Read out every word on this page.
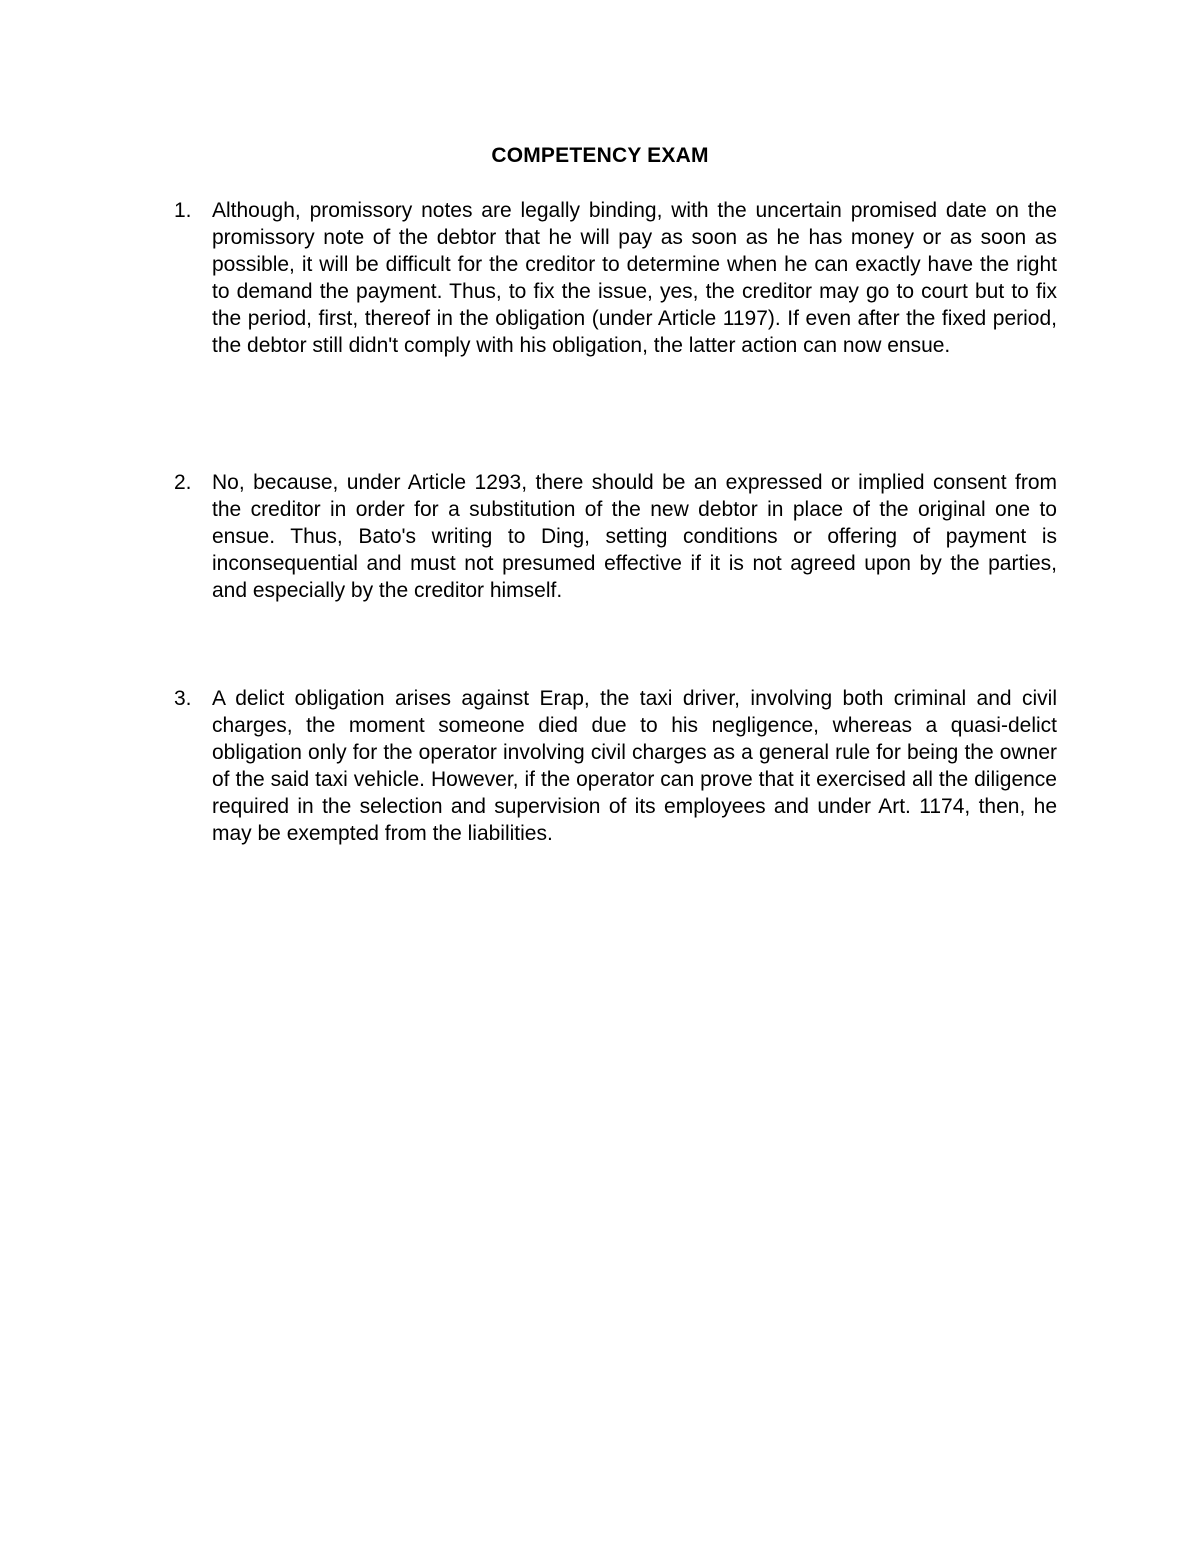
COMPETENCY EXAM
1. Although, promissory notes are legally binding, with the uncertain promised date on the promissory note of the debtor that he will pay as soon as he has money or as soon as possible, it will be difficult for the creditor to determine when he can exactly have the right to demand the payment. Thus, to fix the issue, yes, the creditor may go to court but to fix the period, first, thereof in the obligation (under Article 1197). If even after the fixed period, the debtor still didn't comply with his obligation, the latter action can now ensue.

2. No, because, under Article 1293, there should be an expressed or implied consent from the creditor in order for a substitution of the new debtor in place of the original one to ensue. Thus, Bato's writing to Ding, setting conditions or offering of payment is inconsequential and must not presumed effective if it is not agreed upon by the parties, and especially by the creditor himself.

3. A delict obligation arises against Erap, the taxi driver, involving both criminal and civil charges, the moment someone died due to his negligence, whereas a quasi-delict obligation only for the operator involving civil charges as a general rule for being the owner of the said taxi vehicle. However, if the operator can prove that it exercised all the diligence required in the selection and supervision of its employees and under Art. 1174, then, he may be exempted from the liabilities.
